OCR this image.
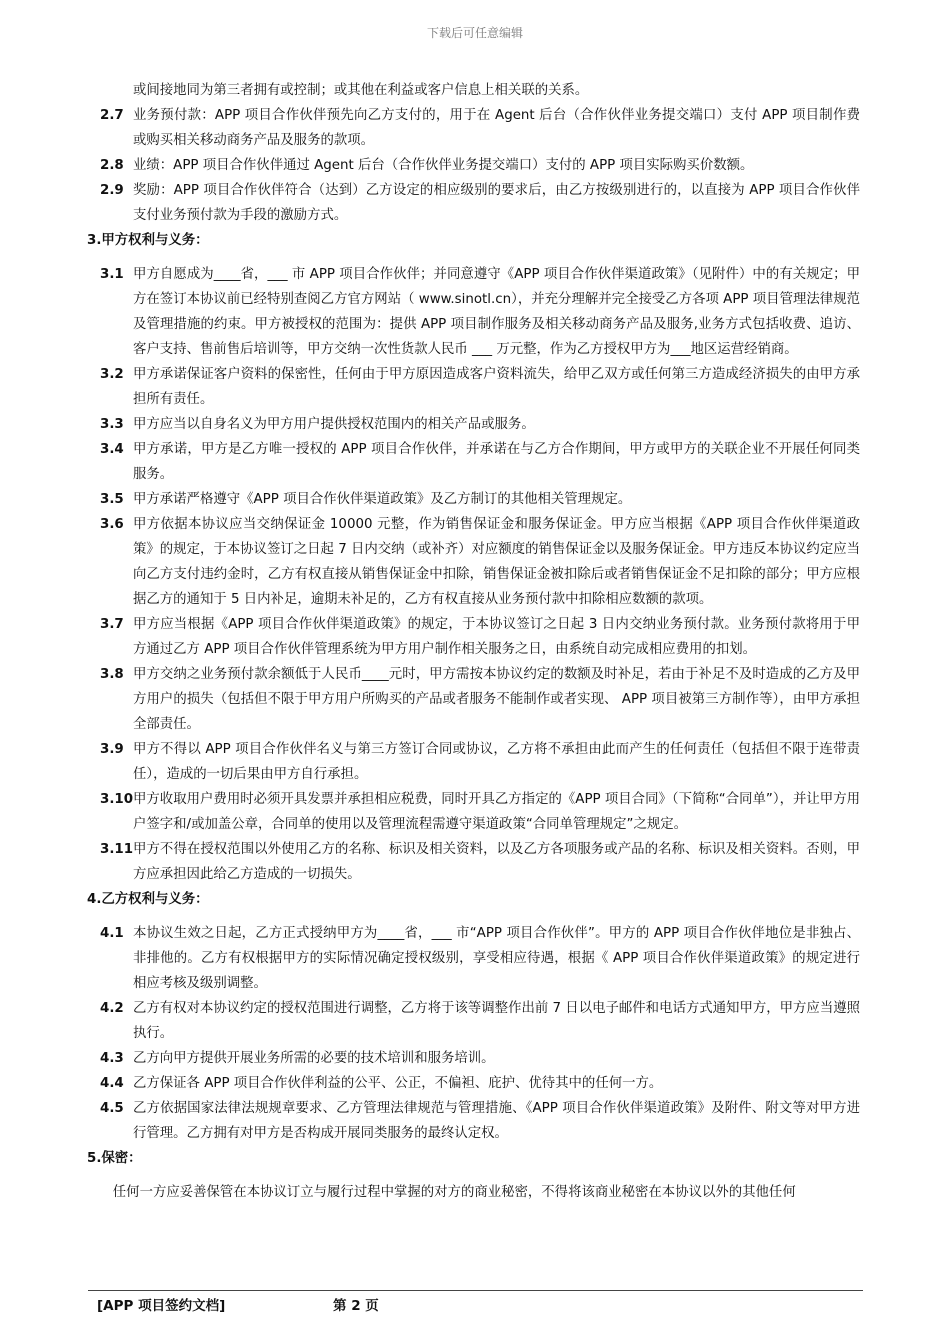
下载后可任意编辑

或间接地同为第三者拥有或控制；或其他在利益或客户信息上相关联的关系。

2.7 业务预付款：APP 项目合作伙伴预先向乙方支付的，用于在 Agent 后台（合作伙伴业务提交端口）支付 APP 项目制作费或购买相关移动商务产品及服务的款项。

2.8 业绩：APP 项目合作伙伴通过 Agent 后台（合作伙伴业务提交端口）支付的 APP 项目实际购买价数额。

2.9 奖励：APP 项目合作伙伴符合（达到）乙方设定的相应级别的要求后，由乙方按级别进行的，以直接为 APP 项目合作伙伴支付业务预付款为手段的激励方式。

3.甲方权利与义务：

3.1 甲方自愿成为____省，___ 市 APP 项目合作伙伴；并同意遵守《APP 项目合作伙伴渠道政策》（见附件）中的有关规定；甲方在签订本协议前已经特别查阅乙方官方网站（ www.sinotl.cn），并充分理解并完全接受乙方各项 APP 项目管理法律规范及管理措施的约束。甲方被授权的范围为：提供 APP 项目制作服务及相关移动商务产品及服务,业务方式包括收费、追访、客户支持、售前售后培训等，甲方交纳一次性货款人民币 ___ 万元整，作为乙方授权甲方为___地区运营经销商。

3.2 甲方承诺保证客户资料的保密性，任何由于甲方原因造成客户资料流失，给甲乙双方或任何第三方造成经济损失的由甲方承担所有责任。

3.3 甲方应当以自身名义为甲方用户提供授权范围内的相关产品或服务。

3.4 甲方承诺，甲方是乙方唯一授权的 APP 项目合作伙伴，并承诺在与乙方合作期间，甲方或甲方的关联企业不开展任何同类服务。

3.5 甲方承诺严格遵守《APP 项目合作伙伴渠道政策》及乙方制订的其他相关管理规定。

3.6 甲方依据本协议应当交纳保证金 10000 元整，作为销售保证金和服务保证金。甲方应当根据《APP 项目合作伙伴渠道政策》的规定，于本协议签订之日起 7 日内交纳（或补齐）对应额度的销售保证金以及服务保证金。甲方违反本协议约定应当向乙方支付违约金时，乙方有权直接从销售保证金中扣除，销售保证金被扣除后或者销售保证金不足扣除的部分；甲方应根据乙方的通知于 5 日内补足，逾期未补足的，乙方有权直接从业务预付款中扣除相应数额的款项。

3.7 甲方应当根据《APP 项目合作伙伴渠道政策》的规定，于本协议签订之日起 3 日内交纳业务预付款。业务预付款将用于甲方通过乙方 APP 项目合作伙伴管理系统为甲方用户制作相关服务之日，由系统自动完成相应费用的扣划。

3.8 甲方交纳之业务预付款余额低于人民币____元时，甲方需按本协议约定的数额及时补足，若由于补足不及时造成的乙方及甲方用户的损失（包括但不限于甲方用户所购买的产品或者服务不能制作或者实现、 APP 项目被第三方制作等），由甲方承担全部责任。

3.9 甲方不得以 APP 项目合作伙伴名义与第三方签订合同或协议，乙方将不承担由此而产生的任何责任（包括但不限于连带责任），造成的一切后果由甲方自行承担。

3.10 甲方收取用户费用时必须开具发票并承担相应税费，同时开具乙方指定的《APP 项目合同》（下简称“合同单”），并让甲方用户签字和/或加盖公章，合同单的使用以及管理流程需遵守渠道政策“合同单管理规定”之规定。

3.11 甲方不得在授权范围以外使用乙方的名称、标识及相关资料，以及乙方各项服务或产品的名称、标识及相关资料。否则，甲方应承担因此给乙方造成的一切损失。

4.乙方权利与义务：

4.1 本协议生效之日起，乙方正式授纳甲方为____省，___ 市“APP 项目合作伙伴”。甲方的 APP 项目合作伙伴地位是非独占、非排他的。乙方有权根据甲方的实际情况确定授权级别，享受相应待遇，根据《 APP 项目合作伙伴渠道政策》的规定进行相应考核及级别调整。

4.2 乙方有权对本协议约定的授权范围进行调整，乙方将于该等调整作出前 7 日以电子邮件和电话方式通知甲方，甲方应当遵照执行。

4.3 乙方向甲方提供开展业务所需的必要的技术培训和服务培训。

4.4 乙方保证各 APP 项目合作伙伴利益的公平、公正，不偏袒、庇护、优待其中的任何一方。

4.5 乙方依据国家法律法规规章要求、乙方管理法律规范与管理措施、《APP 项目合作伙伴渠道政策》及附件、附文等对甲方进行管理。乙方拥有对甲方是否构成开展同类服务的最终认定权。

5.保密：

任何一方应妥善保管在本协议订立与履行过程中掌握的对方的商业秘密，不得将该商业秘密在本协议以外的其他任何

[APP 项目签约文档]	第 2 页
